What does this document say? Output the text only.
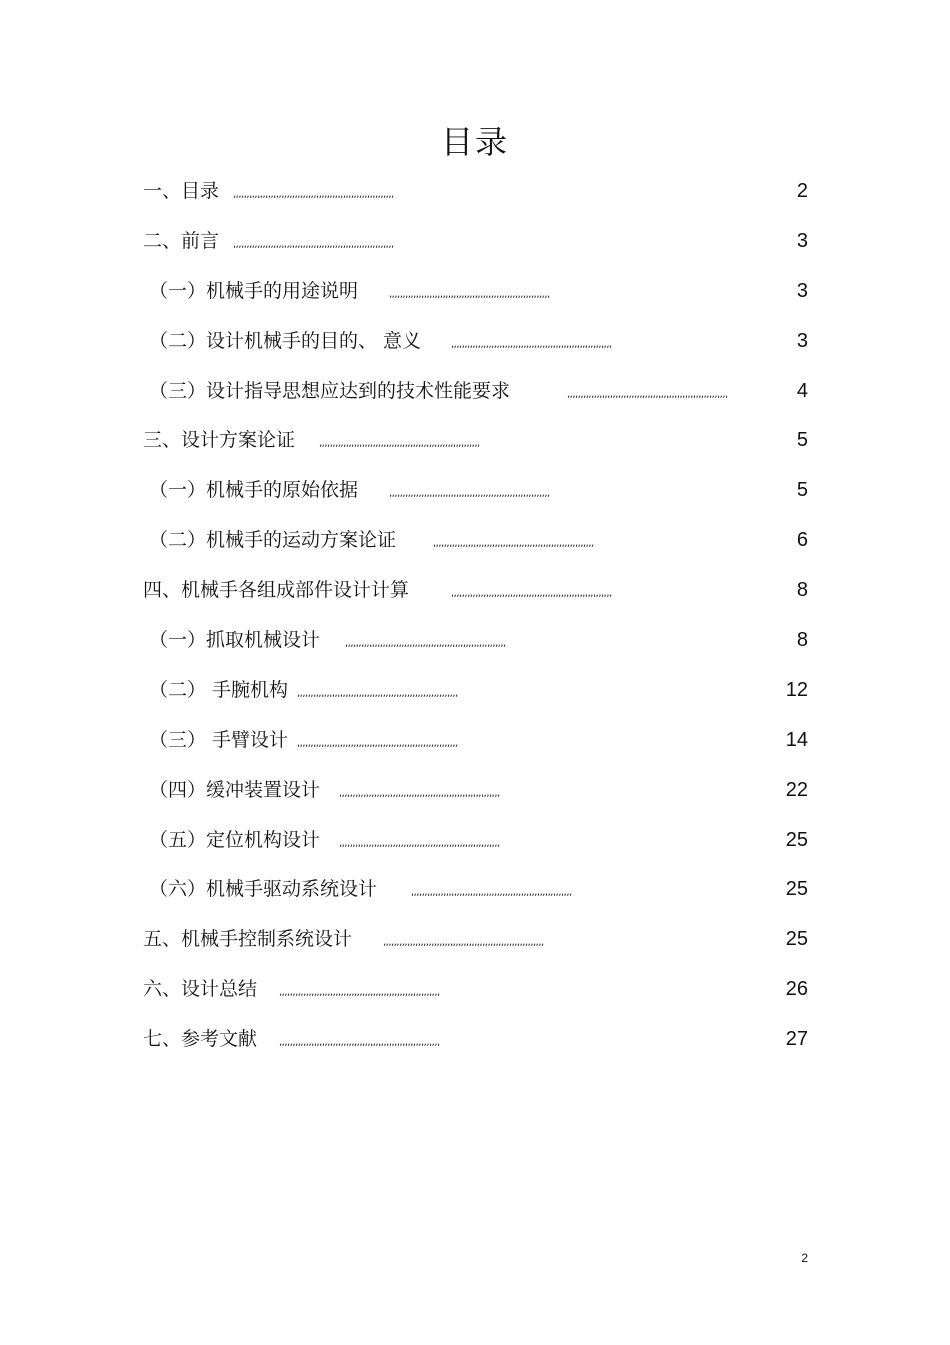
目录
一、目录 ,,,,,,,,,,,,,,,,,,,,,,,,,,,,,,,,,,,,,,,,,,,,,,,,,,,,,,,,,,,,	2
二、前言 ,,,,,,,,,,,,,,,,,,,,,,,,,,,,,,,,,,,,,,,,,,,,,,,,,,,,,,,,,,,,	3
（一）机械手的用途说明	,,,,,,,,,,,,,,,,,,,,,,,,,,,,,,,,,,,,,,,,,,,,,,,,,,,,,,,,,,,,	3
（二）设计机械手的目的、 意义	,,,,,,,,,,,,,,,,,,,,,,,,,,,,,,,,,,,,,,,,,,,,,,,,,,,,,,,,,,,,	3
（三）设计指导思想应达到的技术性能要求	,,,,,,,,,,,,,,,,,,,,,,,,,,,,,,,,,,,,,,,,,,,,,,,,,,,,,,,,,,,,	4
三、设计方案论证 ,,,,,,,,,,,,,,,,,,,,,,,,,,,,,,,,,,,,,,,,,,,,,,,,,,,,,,,,,,,,	5
（一）机械手的原始依据	,,,,,,,,,,,,,,,,,,,,,,,,,,,,,,,,,,,,,,,,,,,,,,,,,,,,,,,,,,,,	5
（二）机械手的运动方案论证	,,,,,,,,,,,,,,,,,,,,,,,,,,,,,,,,,,,,,,,,,,,,,,,,,,,,,,,,,,,,	6
四、机械手各组成部件设计计算	,,,,,,,,,,,,,,,,,,,,,,,,,,,,,,,,,,,,,,,,,,,,,,,,,,,,,,,,,,,,	8
（一）抓取机械设计 ,,,,,,,,,,,,,,,,,,,,,,,,,,,,,,,,,,,,,,,,,,,,,,,,,,,,,,,,,,,,	8
（二） 手腕机构 ,,,,,,,,,,,,,,,,,,,,,,,,,,,,,,,,,,,,,,,,,,,,,,,,,,,,,,,,,,,,	12
（三） 手臂设计 ,,,,,,,,,,,,,,,,,,,,,,,,,,,,,,,,,,,,,,,,,,,,,,,,,,,,,,,,,,,,	14
（四）缓冲装置设计 ,,,,,,,,,,,,,,,,,,,,,,,,,,,,,,,,,,,,,,,,,,,,,,,,,,,,,,,,,,,,	22
（五）定位机构设计 ,,,,,,,,,,,,,,,,,,,,,,,,,,,,,,,,,,,,,,,,,,,,,,,,,,,,,,,,,,,,	25
（六）机械手驱动系统设计	,,,,,,,,,,,,,,,,,,,,,,,,,,,,,,,,,,,,,,,,,,,,,,,,,,,,,,,,,,,,	25
五、机械手控制系统设计	,,,,,,,,,,,,,,,,,,,,,,,,,,,,,,,,,,,,,,,,,,,,,,,,,,,,,,,,,,,,	25
六、设计总结 ,,,,,,,,,,,,,,,,,,,,,,,,,,,,,,,,,,,,,,,,,,,,,,,,,,,,,,,,,,,,	26
七、参考文献 ,,,,,,,,,,,,,,,,,,,,,,,,,,,,,,,,,,,,,,,,,,,,,,,,,,,,,,,,,,,,	27
2
